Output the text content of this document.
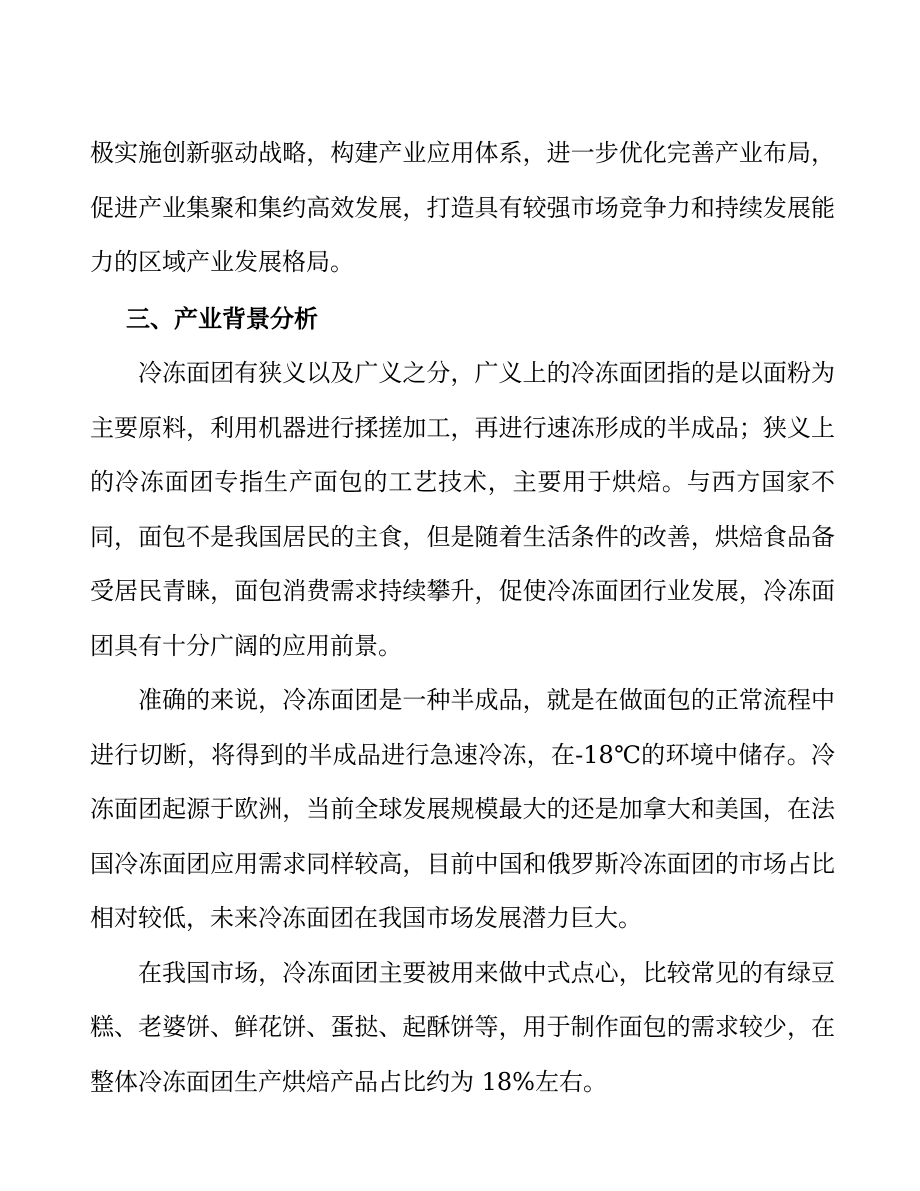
极实施创新驱动战略，构建产业应用体系，进一步优化完善产业布局，促进产业集聚和集约高效发展，打造具有较强市场竞争力和持续发展能力的区域产业发展格局。

三、产业背景分析

冷冻面团有狭义以及广义之分，广义上的冷冻面团指的是以面粉为主要原料，利用机器进行揉搓加工，再进行速冻形成的半成品；狭义上的冷冻面团专指生产面包的工艺技术，主要用于烘焙。与西方国家不同，面包不是我国居民的主食，但是随着生活条件的改善，烘焙食品备受居民青睐，面包消费需求持续攀升，促使冷冻面团行业发展，冷冻面团具有十分广阔的应用前景。

准确的来说，冷冻面团是一种半成品，就是在做面包的正常流程中进行切断，将得到的半成品进行急速冷冻，在-18℃的环境中储存。冷冻面团起源于欧洲，当前全球发展规模最大的还是加拿大和美国，在法国冷冻面团应用需求同样较高，目前中国和俄罗斯冷冻面团的市场占比相对较低，未来冷冻面团在我国市场发展潜力巨大。

在我国市场，冷冻面团主要被用来做中式点心，比较常见的有绿豆糕、老婆饼、鲜花饼、蛋挞、起酥饼等，用于制作面包的需求较少，在整体冷冻面团生产烘焙产品占比约为 18%左右。
